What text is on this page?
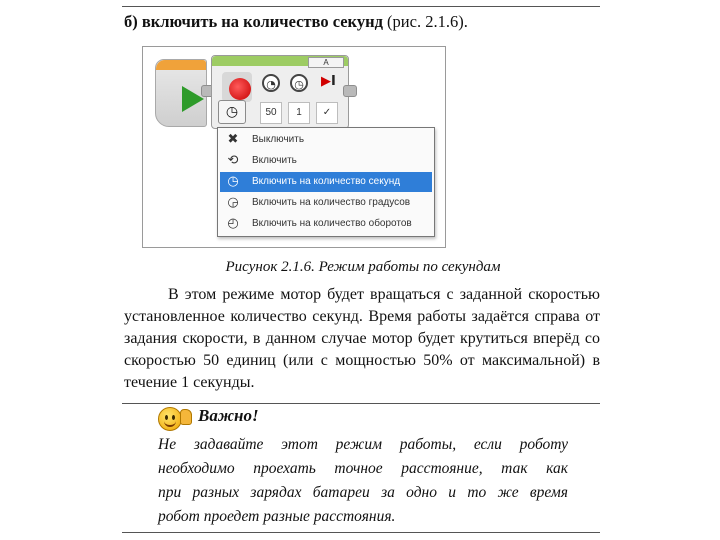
б) включить на количество секунд (рис. 2.1.6).
A
◔	◷	▶I
50	1	✓
◷
✖ Выключить
⟲ Включить
◷ Включить на количество секунд
◶ Включить на количество градусов
◴ Включить на количество оборотов
Рисунок 2.1.6. Режим работы по секундам

В этом режиме мотор будет вращаться с заданной скоростью установленное количество секунд. Время работы задаётся справа от задания скорости, в данном случае мотор будет крутиться вперёд со скоростью 50 единиц (или с мощностью 50% от максимальной) в течение 1 секунды.

Важно!
Не задавайте этот режим работы, если роботу
необходимо проехать точное расстояние, так как
при разных зарядах батареи за одно и то же время
робот проедет разные расстояния.
